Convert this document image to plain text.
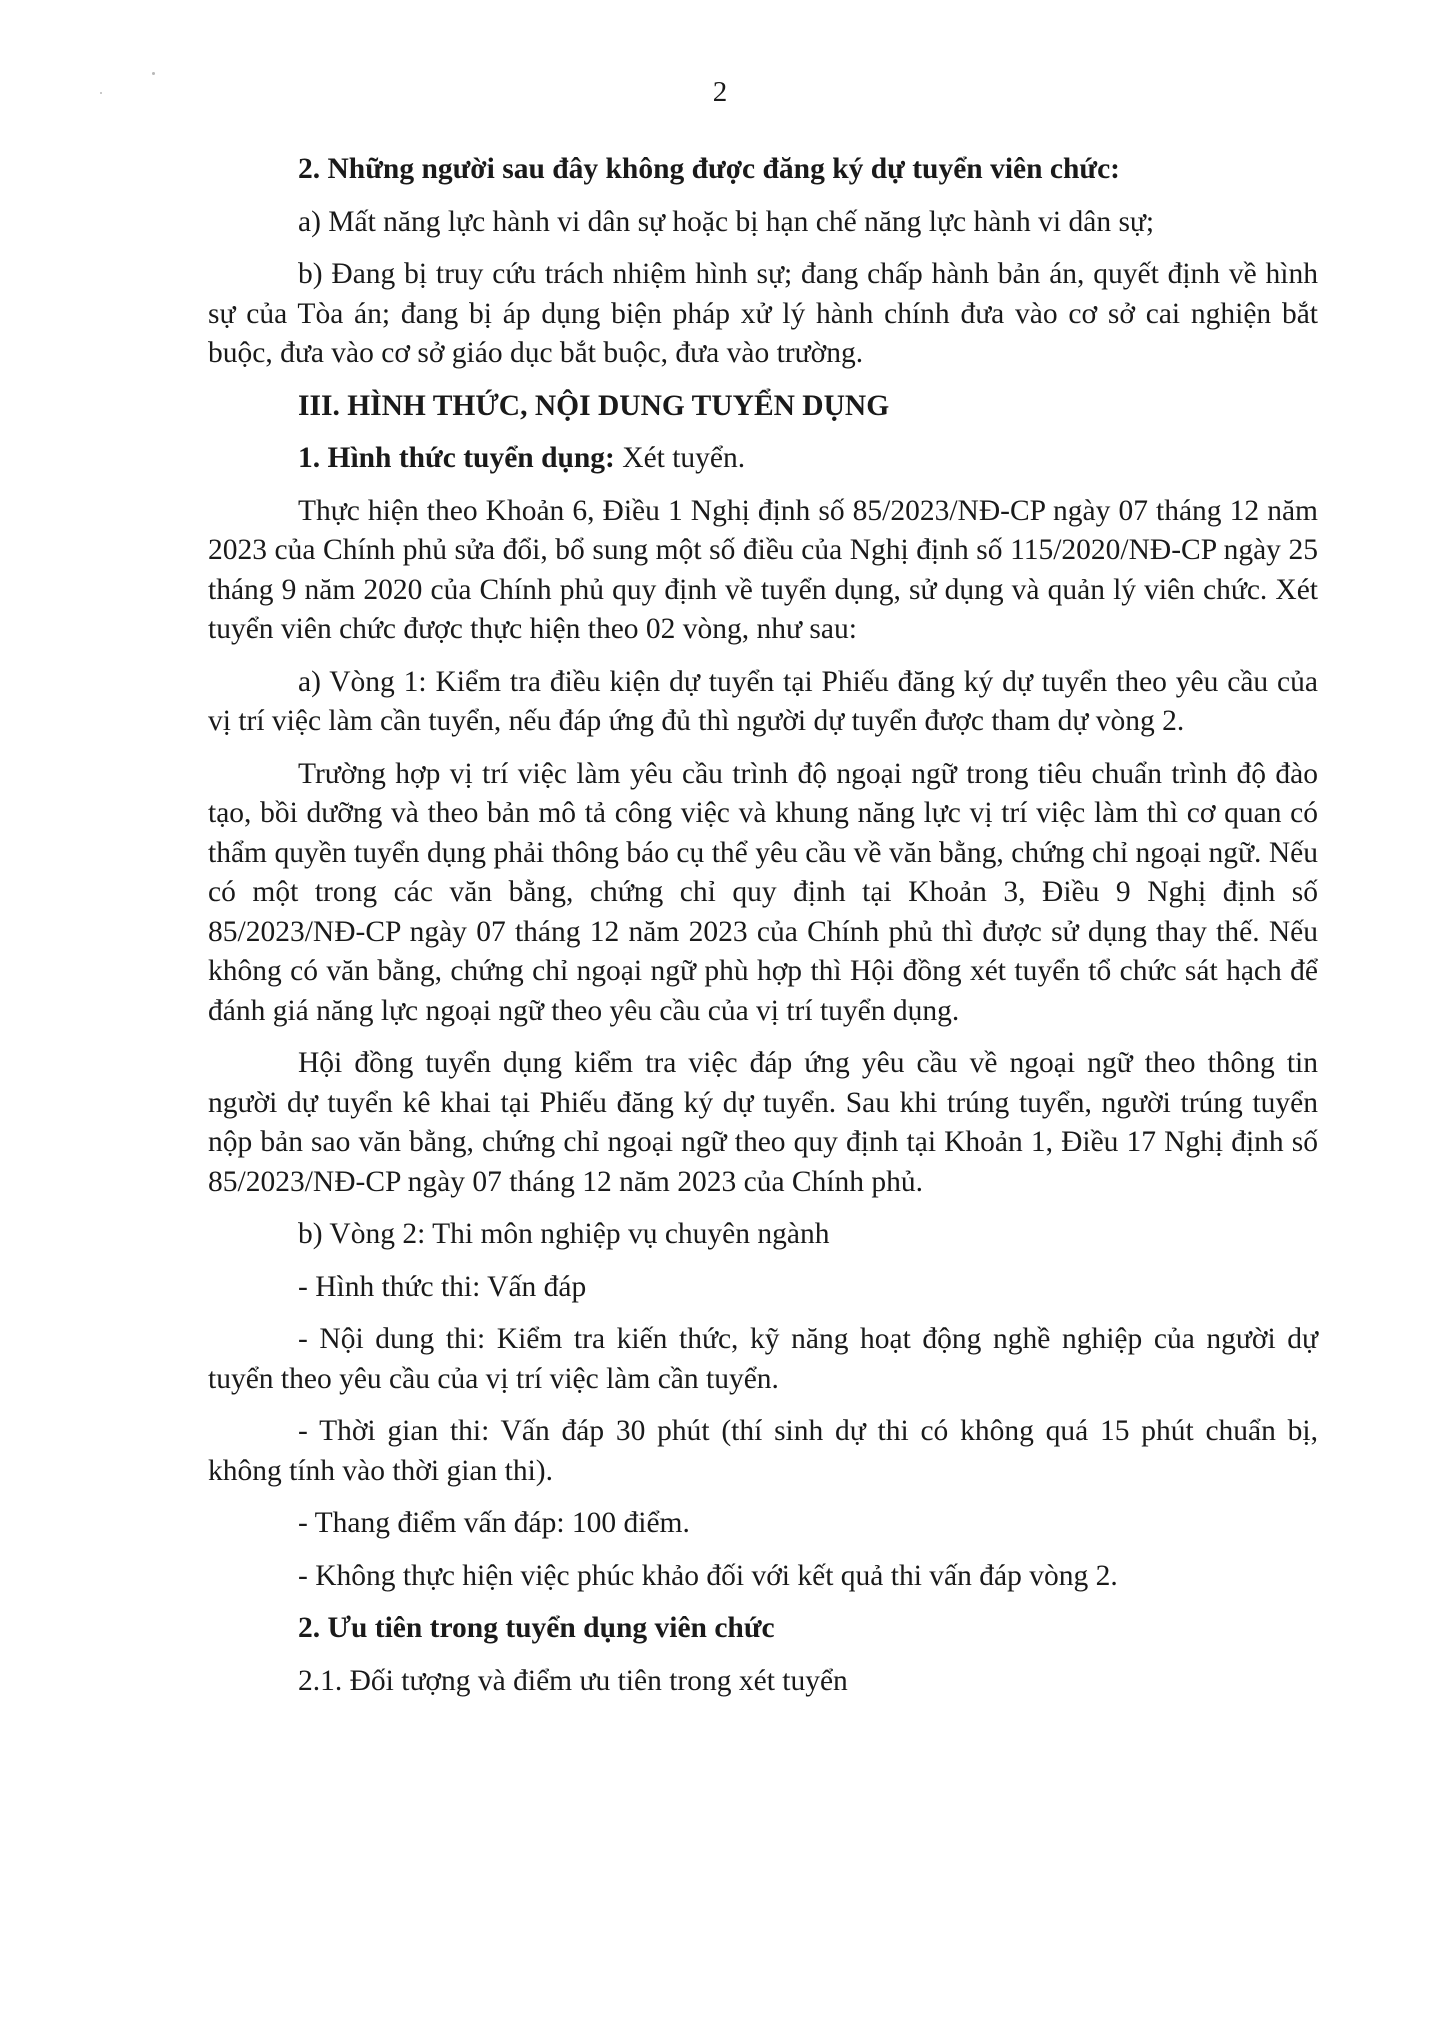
2

2. Những người sau đây không được đăng ký dự tuyển viên chức:

a) Mất năng lực hành vi dân sự hoặc bị hạn chế năng lực hành vi dân sự;

b) Đang bị truy cứu trách nhiệm hình sự; đang chấp hành bản án, quyết định về hình sự của Tòa án; đang bị áp dụng biện pháp xử lý hành chính đưa vào cơ sở cai nghiện bắt buộc, đưa vào cơ sở giáo dục bắt buộc, đưa vào trường.

III. HÌNH THỨC, NỘI DUNG TUYỂN DỤNG

1. Hình thức tuyển dụng: Xét tuyển.

Thực hiện theo Khoản 6, Điều 1 Nghị định số 85/2023/NĐ-CP ngày 07 tháng 12 năm 2023 của Chính phủ sửa đổi, bổ sung một số điều của Nghị định số 115/2020/NĐ-CP ngày 25 tháng 9 năm 2020 của Chính phủ quy định về tuyển dụng, sử dụng và quản lý viên chức. Xét tuyển viên chức được thực hiện theo 02 vòng, như sau:

a) Vòng 1: Kiểm tra điều kiện dự tuyển tại Phiếu đăng ký dự tuyển theo yêu cầu của vị trí việc làm cần tuyển, nếu đáp ứng đủ thì người dự tuyển được tham dự vòng 2.

Trường hợp vị trí việc làm yêu cầu trình độ ngoại ngữ trong tiêu chuẩn trình độ đào tạo, bồi dưỡng và theo bản mô tả công việc và khung năng lực vị trí việc làm thì cơ quan có thẩm quyền tuyển dụng phải thông báo cụ thể yêu cầu về văn bằng, chứng chỉ ngoại ngữ. Nếu có một trong các văn bằng, chứng chỉ quy định tại Khoản 3, Điều 9 Nghị định số 85/2023/NĐ-CP ngày 07 tháng 12 năm 2023 của Chính phủ thì được sử dụng thay thế. Nếu không có văn bằng, chứng chỉ ngoại ngữ phù hợp thì Hội đồng xét tuyển tổ chức sát hạch để đánh giá năng lực ngoại ngữ theo yêu cầu của vị trí tuyển dụng.

Hội đồng tuyển dụng kiểm tra việc đáp ứng yêu cầu về ngoại ngữ theo thông tin người dự tuyển kê khai tại Phiếu đăng ký dự tuyển. Sau khi trúng tuyển, người trúng tuyển nộp bản sao văn bằng, chứng chỉ ngoại ngữ theo quy định tại Khoản 1, Điều 17 Nghị định số 85/2023/NĐ-CP ngày 07 tháng 12 năm 2023 của Chính phủ.

b) Vòng 2: Thi môn nghiệp vụ chuyên ngành

- Hình thức thi: Vấn đáp

- Nội dung thi: Kiểm tra kiến thức, kỹ năng hoạt động nghề nghiệp của người dự tuyển theo yêu cầu của vị trí việc làm cần tuyển.

- Thời gian thi: Vấn đáp 30 phút (thí sinh dự thi có không quá 15 phút chuẩn bị, không tính vào thời gian thi).

- Thang điểm vấn đáp: 100 điểm.

- Không thực hiện việc phúc khảo đối với kết quả thi vấn đáp vòng 2.

2. Ưu tiên trong tuyển dụng viên chức

2.1. Đối tượng và điểm ưu tiên trong xét tuyển
